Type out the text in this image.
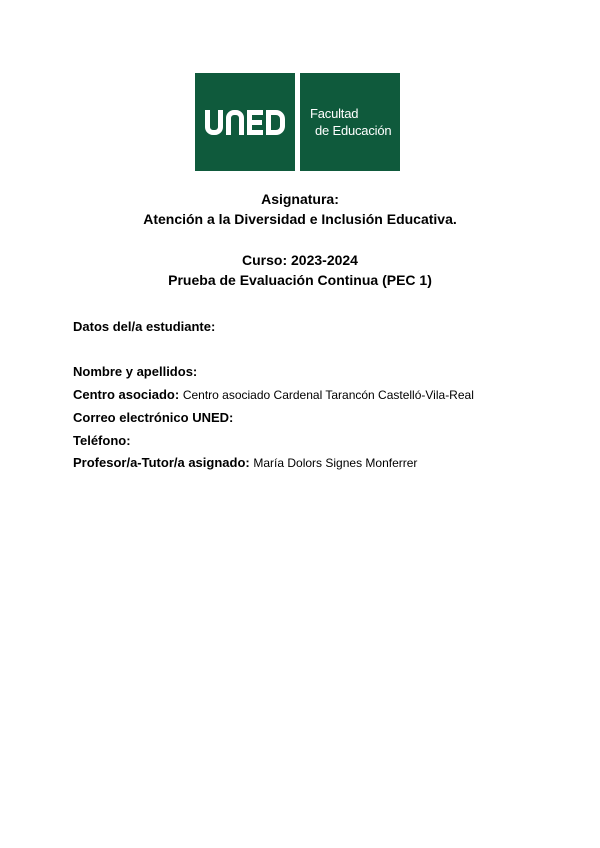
Facultad
de Educación
Asignatura:
Atención a la Diversidad e Inclusión Educativa.
Curso: 2023-2024
Prueba de Evaluación Continua (PEC 1)
Datos del/a estudiante:
Nombre y apellidos:
Centro asociado: Centro asociado Cardenal Tarancón Castelló-Vila-Real
Correo electrónico UNED:
Teléfono:
Profesor/a-Tutor/a asignado: María Dolors Signes Monferrer
